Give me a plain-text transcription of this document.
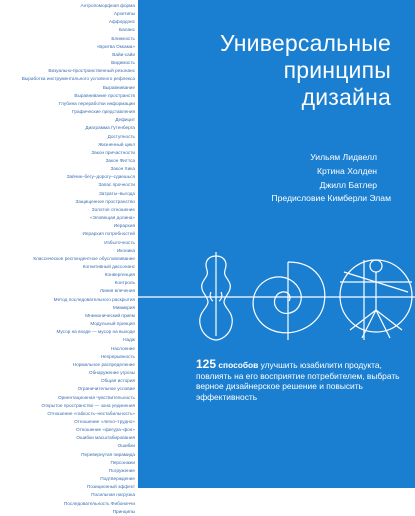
Антропоморфная форма
Архетипы
Аффордэнс
Баланс
Ближность
«Бритва Оккама»
Вайи-сайи
Видимость
Визуально-пространственный резонанс
Выработка инструментального условного рефлекса
Выравнивание
Выравнивание пространств
Глубина переработки информации
Графические представления
Дефицит
Диаграмма Гутенберга
Доступность
Жизненный цикл
Закон причастности
Закон Фиттса
Закон Хика
Зайчик–бегу–дорогу–сдаешься
Запас прочности
Затраты–выгода
Защищенное пространство
Золотое отношение
«Эловещая долина»
Иерархия
Иерархия потребностей
Избыточность
Иконика
Классическое респондентное обусловливание
Когнитивный диссонанс
Конвергенция
Контроль
Линия влечения
Метод последовательного раскрытия
Мимикрия
Мнемонический прием
Модульный принцип
Мусор на входе — мусор на выходе
Надж
Наслоение
Непрерывность
Нормальное распределение
Обнаружение угрозы
Общая история
Ограничительное условие
Ориентационная чувствительность
Открытое пространство — зона уединения
Отношение «габкость–нестабильность»
Отношение «легко–трудно»
Отношение «фигура–фон»
Ошибки масштабирования
Ошибки
Перевернутая пирамида
Персонажи
Погружение
Подтверждение
Позиционный эффект
Посильная нагрузка
Последовательность Фибоначчи
Принципы
Универсальные
принципы
дизайна
Уильям Лидвелл
Кртина Холден
Джилл Батлер
Предисловие Кимберли Элам
125 способов улучшить юзабилити продукта, повлиять на его восприятие потребителем, выбрать верное дизайнерское решение и повысить эффективность
